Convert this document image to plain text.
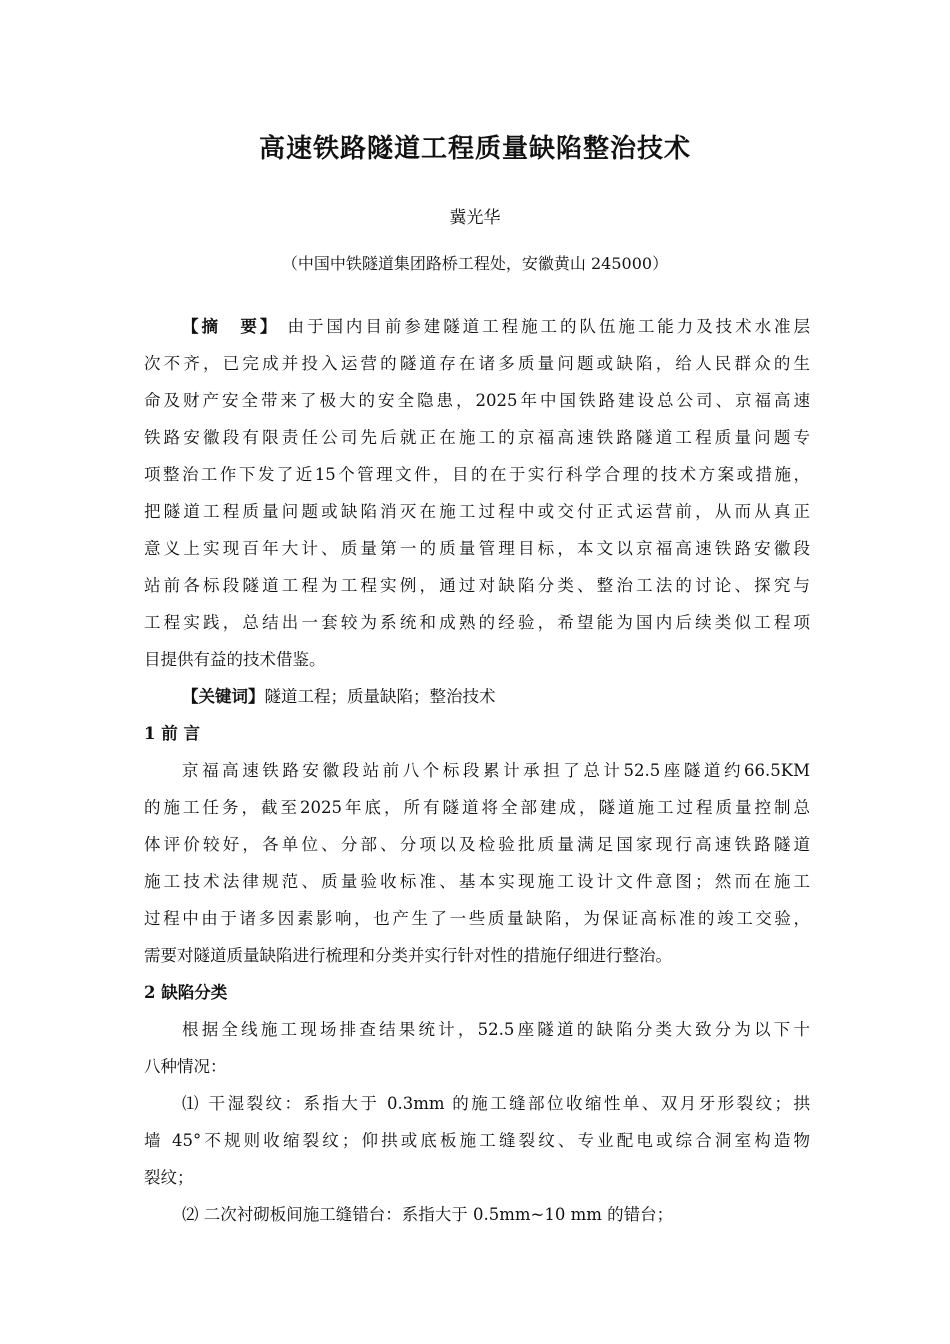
高速铁路隧道工程质量缺陷整治技术
冀光华
（中国中铁隧道集团路桥工程处，安徽黄山 245000）
【摘　要】 由于国内目前参建隧道工程施工的队伍施工能力及技术水准层
次不齐，已完成并投入运营的隧道存在诸多质量问题或缺陷，给人民群众的生
命及财产安全带来了极大的安全隐患，2025年中国铁路建设总公司、京福高速
铁路安徽段有限责任公司先后就正在施工的京福高速铁路隧道工程质量问题专
项整治工作下发了近15个管理文件，目的在于实行科学合理的技术方案或措施，
把隧道工程质量问题或缺陷消灭在施工过程中或交付正式运营前，从而从真正
意义上实现百年大计、质量第一的质量管理目标，本文以京福高速铁路安徽段
站前各标段隧道工程为工程实例，通过对缺陷分类、整治工法的讨论、探究与
工程实践，总结出一套较为系统和成熟的经验，希望能为国内后续类似工程项
目提供有益的技术借鉴。
【关键词】隧道工程；质量缺陷；整治技术
1 前 言
京福高速铁路安徽段站前八个标段累计承担了总计52.5座隧道约66.5KM
的施工任务，截至2025年底，所有隧道将全部建成，隧道施工过程质量控制总
体评价较好，各单位、分部、分项以及检验批质量满足国家现行高速铁路隧道
施工技术法律规范、质量验收标准、基本实现施工设计文件意图；然而在施工
过程中由于诸多因素影响，也产生了一些质量缺陷，为保证高标准的竣工交验，
需要对隧道质量缺陷进行梳理和分类并实行针对性的措施仔细进行整治。
2 缺陷分类
根据全线施工现场排查结果统计，52.5座隧道的缺陷分类大致分为以下十
八种情况：
⑴ 干湿裂纹：系指大于 0.3mm 的施工缝部位收缩性单、双月牙形裂纹；拱
墙 45°不规则收缩裂纹；仰拱或底板施工缝裂纹、专业配电或综合洞室构造物
裂纹；
⑵ 二次衬砌板间施工缝错台：系指大于 0.5mm~10 mm 的错台；
